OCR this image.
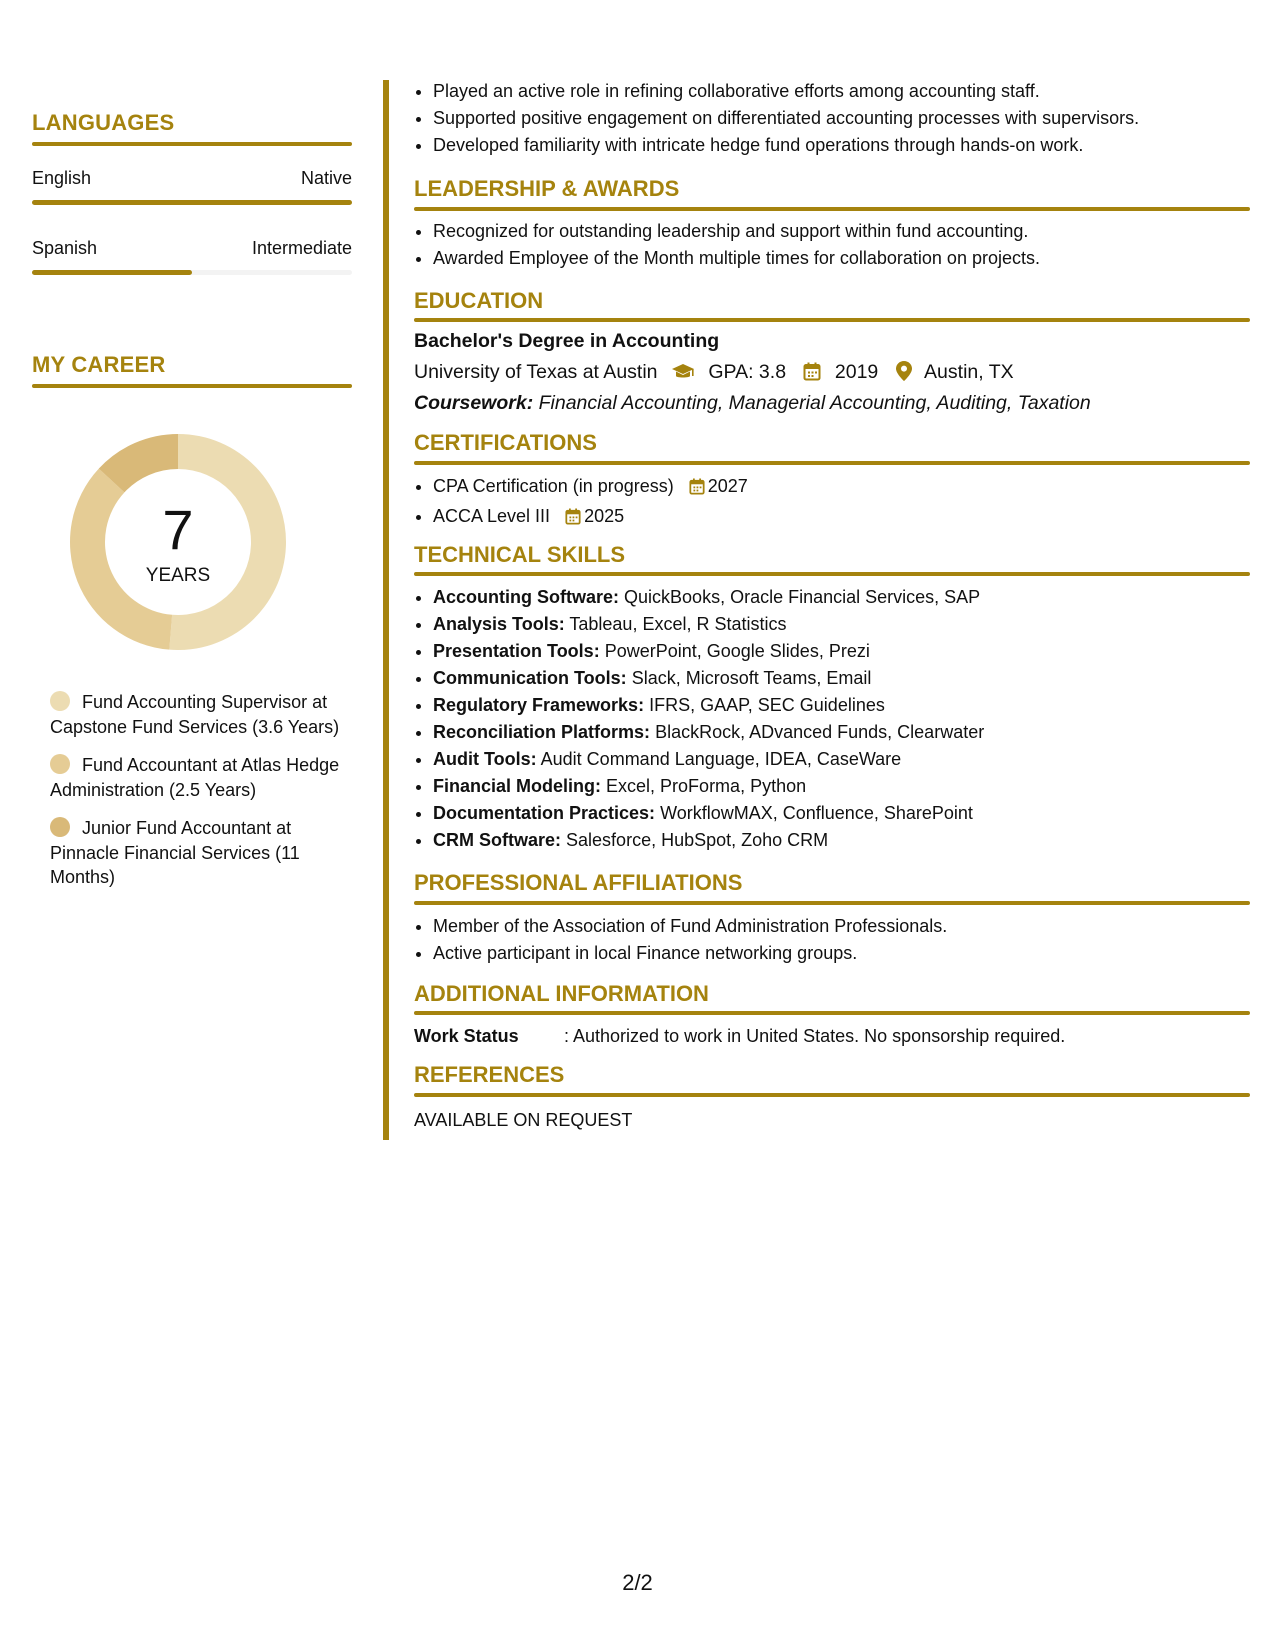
LANGUAGES
English	Native
Spanish	Intermediate
MY CAREER
7
YEARS
Fund Accounting Supervisor at Capstone Fund Services (3.6 Years)
Fund Accountant at Atlas Hedge Administration (2.5 Years)
Junior Fund Accountant at Pinnacle Financial Services (11 Months)
• Played an active role in refining collaborative efforts among accounting staff.
• Supported positive engagement on differentiated accounting processes with supervisors.
• Developed familiarity with intricate hedge fund operations through hands-on work.
LEADERSHIP & AWARDS
• Recognized for outstanding leadership and support within fund accounting.
• Awarded Employee of the Month multiple times for collaboration on projects.
EDUCATION
Bachelor's Degree in Accounting
University of Texas at Austin	GPA: 3.8	2019 Austin, TX
Coursework: Financial Accounting, Managerial Accounting, Auditing, Taxation
CERTIFICATIONS
• CPA Certification (in progress) 2027
• ACCA Level III 2025
TECHNICAL SKILLS
• Accounting Software: QuickBooks, Oracle Financial Services, SAP
• Analysis Tools: Tableau, Excel, R Statistics
• Presentation Tools: PowerPoint, Google Slides, Prezi
• Communication Tools: Slack, Microsoft Teams, Email
• Regulatory Frameworks: IFRS, GAAP, SEC Guidelines
• Reconciliation Platforms: BlackRock, ADvanced Funds, Clearwater
• Audit Tools: Audit Command Language, IDEA, CaseWare
• Financial Modeling: Excel, ProForma, Python
• Documentation Practices: WorkflowMAX, Confluence, SharePoint
• CRM Software: Salesforce, HubSpot, Zoho CRM
PROFESSIONAL AFFILIATIONS
• Member of the Association of Fund Administration Professionals.
• Active participant in local Finance networking groups.
ADDITIONAL INFORMATION
Work Status	: Authorized to work in United States. No sponsorship required.
REFERENCES
AVAILABLE ON REQUEST
2/2
